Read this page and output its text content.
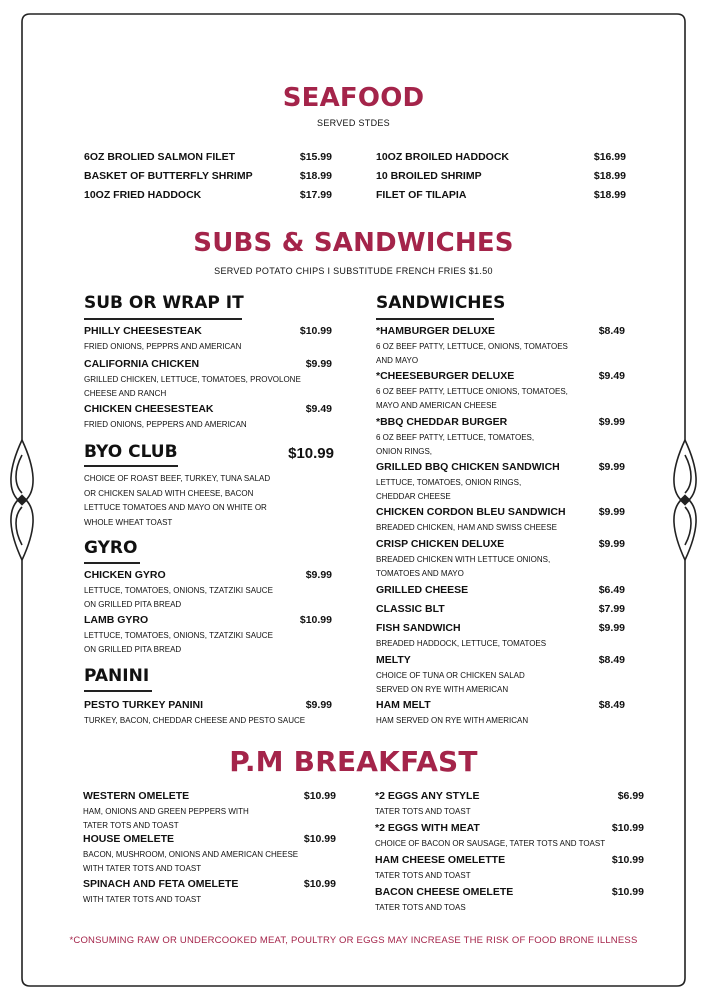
SEAFOOD
SERVED STDES
6OZ BROLIED SALMON FILET	$15.99
BASKET OF BUTTERFLY SHRIMP	$18.99
10OZ FRIED HADDOCK	$17.99
10OZ BROILED HADDOCK	$16.99
10 BROILED SHRIMP	$18.99
FILET OF TILAPIA	$18.99
SUBS & SANDWICHES
SERVED POTATO CHIPS I SUBSTITUDE FRENCH FRIES $1.50
SUB OR WRAP IT
BYO CLUB	$10.99
CHOICE OF ROAST BEEF, TURKEY, TUNA SALAD
OR CHICKEN SALAD WITH CHEESE, BACON
LETTUCE TOMATOES AND MAYO ON WHITE OR
WHOLE WHEAT TOAST
GYRO
PANINI
SANDWICHES
PHILLY CHEESESTEAK	$10.99
FRIED ONIONS, PEPPRS AND AMERICAN
CALIFORNIA CHICKEN	$9.99
GRILLED CHICKEN, LETTUCE, TOMATOES, PROVOLONE
CHEESE AND RANCH
CHICKEN CHEESESTEAK	$9.49
FRIED ONIONS, PEPPERS AND AMERICAN
CHICKEN GYRO	$9.99
LETTUCE, TOMATOES, ONIONS, TZATZIKI SAUCE
ON GRILLED PITA BREAD
LAMB GYRO	$10.99
LETTUCE, TOMATOES, ONIONS, TZATZIKI SAUCE
ON GRILLED PITA BREAD
PESTO TURKEY PANINI	$9.99
TURKEY, BACON, CHEDDAR CHEESE AND PESTO SAUCE
*HAMBURGER DELUXE	$8.49
6 OZ BEEF PATTY, LETTUCE, ONIONS, TOMATOES
AND MAYO
*CHEESEBURGER DELUXE	$9.49
6 OZ BEEF PATTY, LETTUCE ONIONS, TOMATOES,
MAYO AND AMERICAN CHEESE
*BBQ CHEDDAR BURGER	$9.99
6 OZ BEEF PATTY, LETTUCE, TOMATOES,
ONION RINGS,
GRILLED BBQ CHICKEN SANDWICH	$9.99
LETTUCE, TOMATOES, ONION RINGS,
CHEDDAR CHEESE
CHICKEN CORDON BLEU SANDWICH	$9.99
BREADED CHICKEN, HAM AND SWISS CHEESE
CRISP CHICKEN DELUXE	$9.99
BREADED CHICKEN WITH LETTUCE ONIONS,
TOMATOES AND MAYO
GRILLED CHEESE	$6.49
CLASSIC BLT	$7.99
FISH SANDWICH	$9.99
BREADED HADDOCK, LETTUCE, TOMATOES
MELTY	$8.49
CHOICE OF TUNA OR CHICKEN SALAD
SERVED ON RYE WITH AMERICAN
HAM MELT	$8.49
HAM SERVED ON RYE WITH AMERICAN
P.M BREAKFAST
WESTERN OMELETE	$10.99
HAM, ONIONS AND GREEN PEPPERS WITH
TATER TOTS AND TOAST
HOUSE OMELETE	$10.99
BACON, MUSHROOM, ONIONS AND AMERICAN CHEESE
WITH TATER TOTS AND TOAST
SPINACH AND FETA OMELETE	$10.99
WITH TATER TOTS AND TOAST
*2 EGGS ANY STYLE	$6.99
TATER TOTS AND TOAST
*2 EGGS WITH MEAT	$10.99
CHOICE OF BACON OR SAUSAGE, TATER TOTS AND TOAST
HAM CHEESE OMELETTE	$10.99
TATER TOTS AND TOAST
BACON CHEESE OMELETE	$10.99
TATER TOTS AND TOAS
*CONSUMING RAW OR UNDERCOOKED MEAT, POULTRY OR EGGS MAY INCREASE THE RISK OF FOOD BRONE ILLNESS
